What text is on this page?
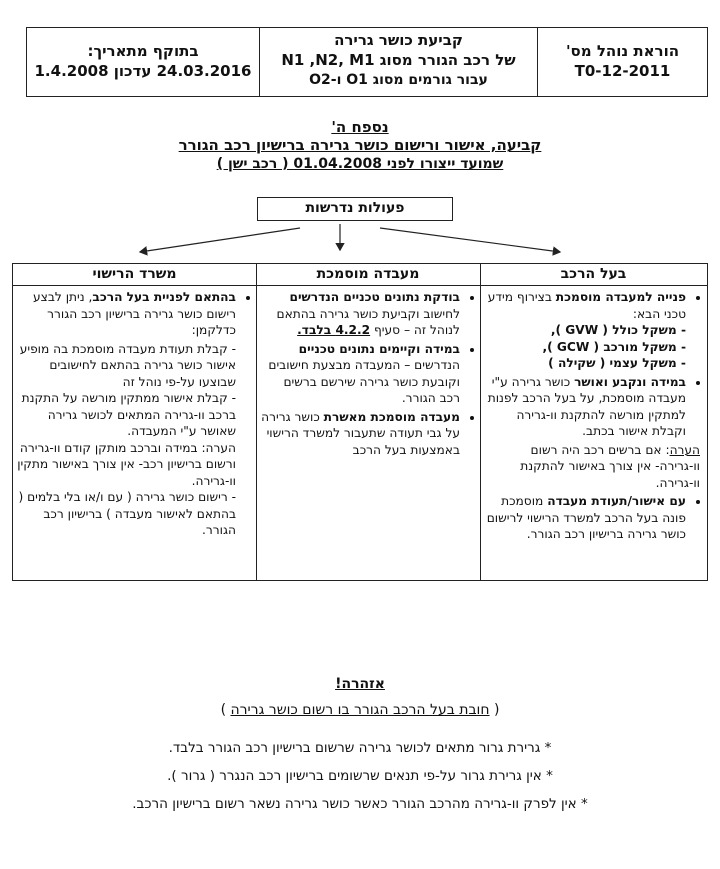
בתוקף מתאריך:
24.03.2016 עדכון 1.4.2008
קביעת כושר גרירה
של רכב הגורר מסוג N1 ,N2, M1
עבור גורמים מסוג O1 ו-O2
הוראת נוהל מס'
T0-12-2011
נספח ה'
קביעה, אישור ורישום כושר גרירה ברישיון רכב הגורר
שמועד ייצורו לפני 01.04.2008 ( רכב ישן )
פעולות נדרשות
משרד הרישוי	מעבדה מוסמכת	בעל הרכב
• פנייה למעבדה מוסמכת בצירוף מידע טכני הבא:
- משקל כולל ( GVW ),
- משקל מורכב ( GCW ),
- משקל עצמי ( שקילה )
• במידה ונקבע ואושר כושר גרירה ע"י מעבדה מוסמכת, על בעל הרכב לפנות למתקין מורשה להתקנת וו-גרירה וקבלת אישור בכתב.

הערה: אם ברשים רכב היה רשום וו-גרירה- אין צורך באישור להתקנת וו-גרירה.

• עם אישור/תעודת מעבדה מוסמכת פונה בעל הרכב למשרד הרישוי לרישום כושר גרירה ברישיון רכב הגורר.
• בודקת נתונים טכניים הנדרשים לחישוב וקביעת כושר גרירה בהתאם לנוהל זה – סעיף 4.2.2 בלבד.
• במידה וקיימים נתונים טכניים הנדרשים – המעבדה מבצעת חישובים וקובעת כושר גרירה שירשם ברשים רכב הגורר.
• מעבדה מוסמכת מאשרת כושר גרירה על גבי תעודה שתעבור למשרד הרישוי באמצעות בעל הרכב
• בהתאם לפניית בעל הרכב, ניתן לבצע רישום כושר גרירה ברישיון רכב הגורר כדלקמן:

- קבלת תעודת מעבדה מוסמכת בה מופיע אישור כושר גרירה בהתאם לחישובים שבוצעו על-פי נוהל זה

- קבלת אישור ממתקין מורשה על התקנת ברכב וו-גרירה המתאים לכושר גרירה שאושר ע"י המעבדה.

הערה: במידה וברכב מותקן קודם וו-גרירה ורשום ברישיון רכב- אין צורך באישור מתקין וו-גרירה.

- רישום כושר גרירה ( עם ו/או בלי בלמים ( בהתאם לאישור מעבדה ) ברישיון רכב הגורר.

אזהרה!
( חובת בעל הרכב הגורר בו רשום כושר גרירה )
* גרירת גרור מתאים לכושר גרירה שרשום ברישיון רכב הגורר בלבד.
* אין גרירת גרור על-פי תנאים שרשומים ברישיון רכב הנגרר ( גרור ).
* אין לפרק וו-גרירה מהרכב הגורר כאשר כושר גרירה נשאר רשום ברישיון הרכב.
